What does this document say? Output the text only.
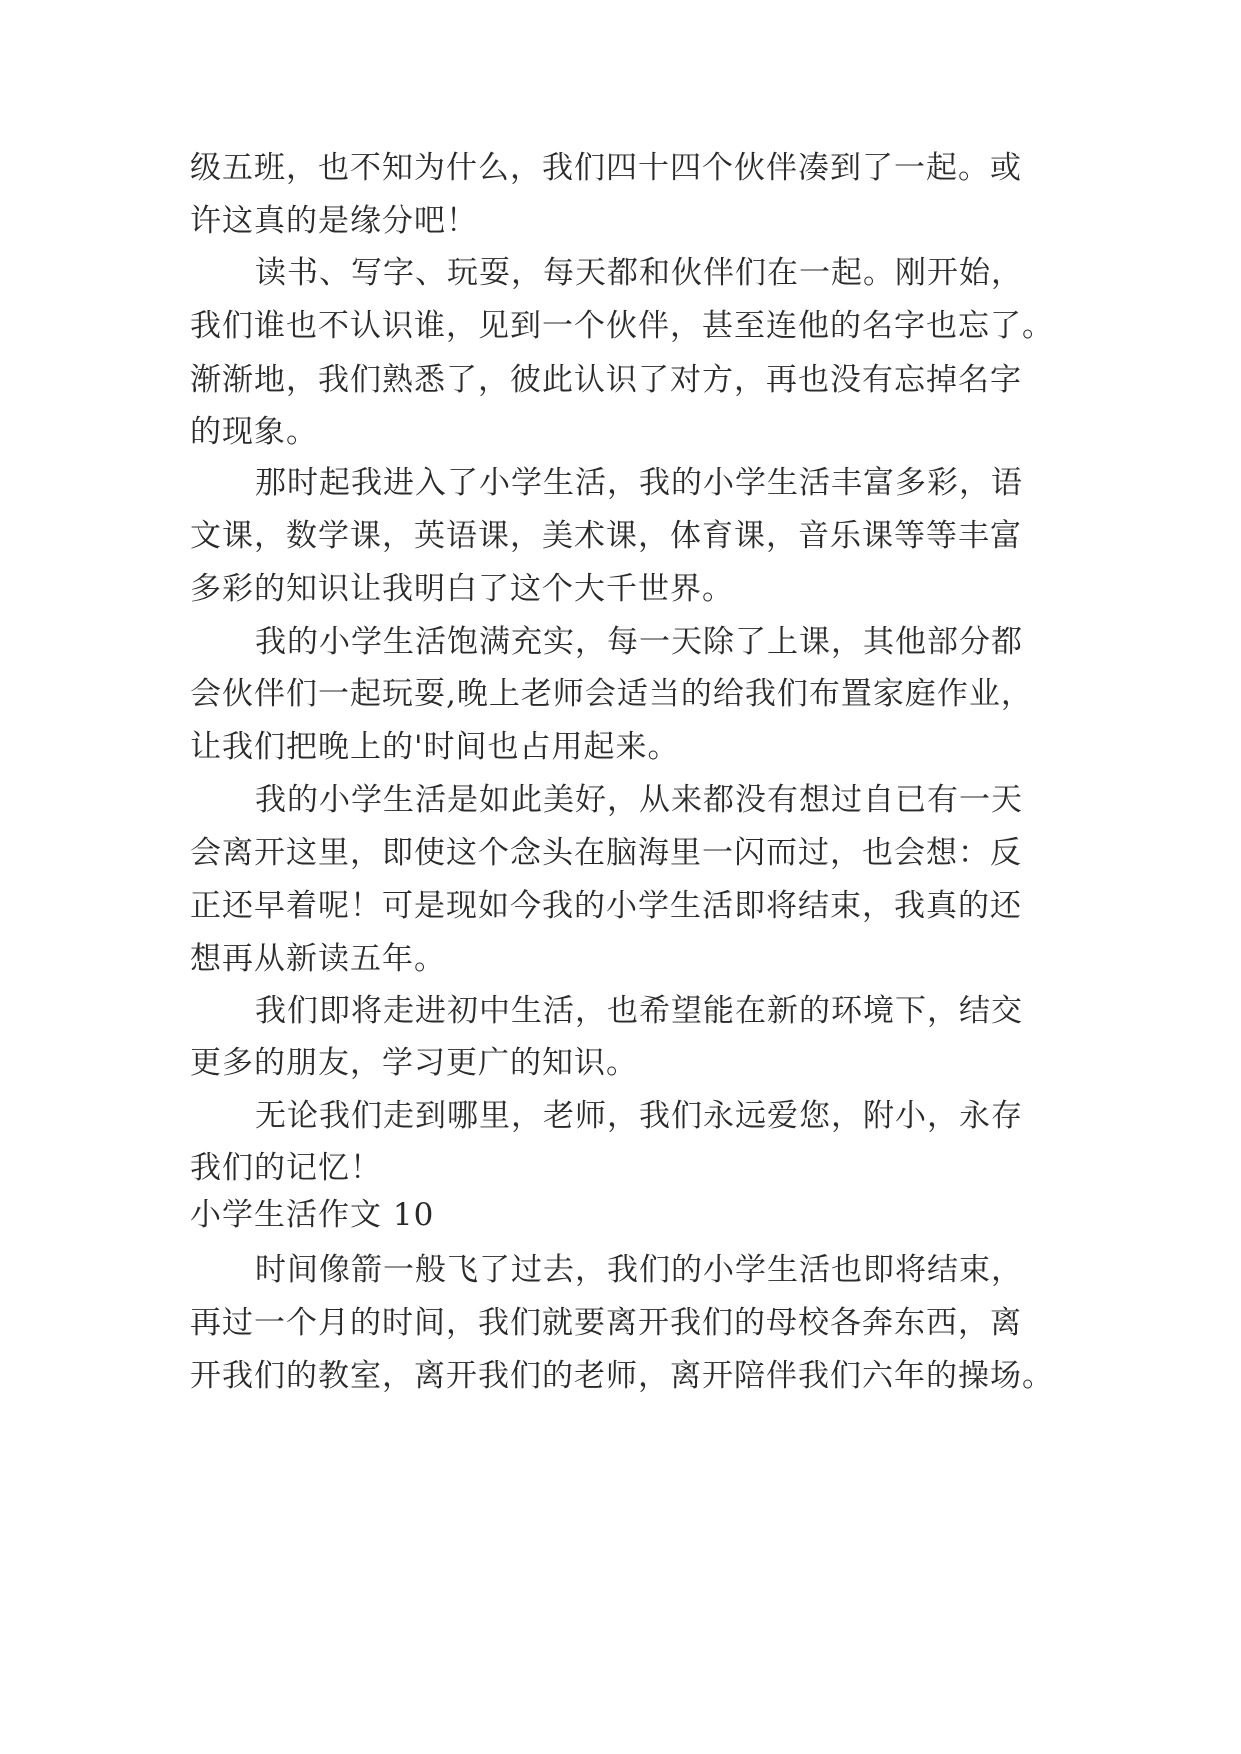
级五班，也不知为什么，我们四十四个伙伴凑到了一起。或
许这真的是缘分吧！
读书、写字、玩耍，每天都和伙伴们在一起。刚开始，
我们谁也不认识谁，见到一个伙伴，甚至连他的名字也忘了。
渐渐地，我们熟悉了，彼此认识了对方，再也没有忘掉名字
的现象。
那时起我进入了小学生活，我的小学生活丰富多彩，语
文课，数学课，英语课，美术课，体育课，音乐课等等丰富
多彩的知识让我明白了这个大千世界。
我的小学生活饱满充实，每一天除了上课，其他部分都
会伙伴们一起玩耍,晚上老师会适当的给我们布置家庭作业，
让我们把晚上的'时间也占用起来。
我的小学生活是如此美好，从来都没有想过自已有一天
会离开这里，即使这个念头在脑海里一闪而过，也会想：反
正还早着呢！可是现如今我的小学生活即将结束，我真的还
想再从新读五年。
我们即将走进初中生活，也希望能在新的环境下，结交
更多的朋友，学习更广的知识。
无论我们走到哪里，老师，我们永远爱您，附小，永存
我们的记忆！
小学生活作文 10
时间像箭一般飞了过去，我们的小学生活也即将结束，
再过一个月的时间，我们就要离开我们的母校各奔东西，离
开我们的教室，离开我们的老师，离开陪伴我们六年的操场。
